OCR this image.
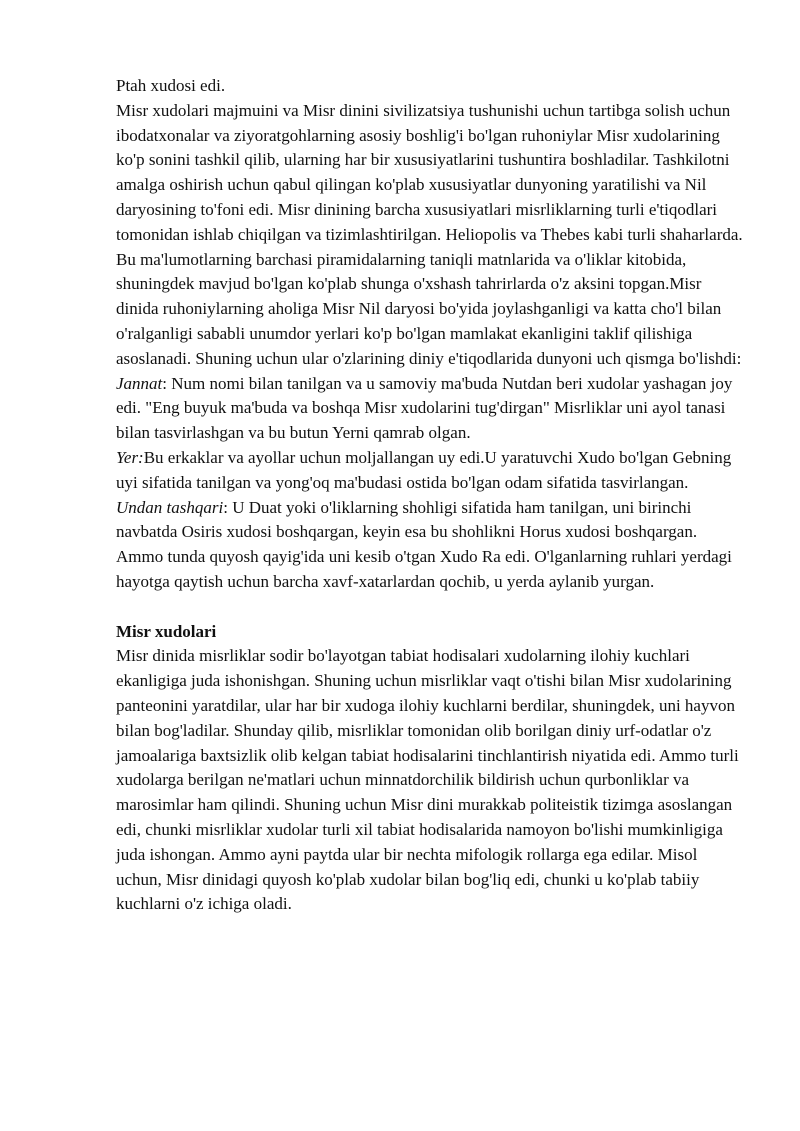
Ptah xudosi edi.

Misr xudolari majmuini va Misr dinini sivilizatsiya tushunishi uchun tartibga solish uchun ibodatxonalar va ziyoratgohlarning asosiy boshlig'i bo'lgan ruhoniylar Misr xudolarining ko'p sonini tashkil qilib, ularning har bir xususiyatlarini tushuntira boshladilar. Tashkilotni amalga oshirish uchun qabul qilingan ko'plab xususiyatlar dunyoning yaratilishi va Nil daryosining to'foni edi. Misr dinining barcha xususiyatlari misrliklarning turli e'tiqodlari tomonidan ishlab chiqilgan va tizimlashtirilgan. Heliopolis va Thebes kabi turli shaharlarda. Bu ma'lumotlarning barchasi piramidalarning taniqli matnlarida va o'liklar kitobida, shuningdek mavjud bo'lgan ko'plab shunga o'xshash tahrirlarda o'z aksini topgan.Misr dinida ruhoniylarning aholiga Misr Nil daryosi bo'yida joylashganligi va katta cho'l bilan o'ralganligi sababli unumdor yerlari ko'p bo'lgan mamlakat ekanligini taklif qilishiga asoslanadi. Shuning uchun ular o'zlarining diniy e'tiqodlarida dunyoni uch qismga bo'lishdi:

Jannat: Num nomi bilan tanilgan va u samoviy ma'buda Nutdan beri xudolar yashagan joy edi. "Eng buyuk ma'buda va boshqa Misr xudolarini tug'dirgan" Misrliklar uni ayol tanasi bilan tasvirlashgan va bu butun Yerni qamrab olgan.

Yer:Bu erkaklar va ayollar uchun moljallangan uy edi.U yaratuvchi Xudo bo'lgan Gebning uyi sifatida tanilgan va yong'oq ma'budasi ostida bo'lgan odam sifatida tasvirlangan.

Undan tashqari: U Duat yoki o'liklarning shohligi sifatida ham tanilgan, uni birinchi navbatda Osiris xudosi boshqargan, keyin esa bu shohlikni Horus xudosi boshqargan. Ammo tunda quyosh qayig'ida uni kesib o'tgan Xudo Ra edi. O'lganlarning ruhlari yerdagi hayotga qaytish uchun barcha xavf-xatarlardan qochib, u yerda aylanib yurgan.

Misr xudolari

Misr dinida misrliklar sodir bo'layotgan tabiat hodisalari xudolarning ilohiy kuchlari ekanligiga juda ishonishgan. Shuning uchun misrliklar vaqt o'tishi bilan Misr xudolarining panteonini yaratdilar, ular har bir xudoga ilohiy kuchlarni berdilar, shuningdek, uni hayvon bilan bog'ladilar. Shunday qilib, misrliklar tomonidan olib borilgan diniy urf-odatlar o'z jamoalariga baxtsizlik olib kelgan tabiat hodisalarini tinchlantirish niyatida edi. Ammo turli xudolarga berilgan ne'matlari uchun minnatdorchilik bildirish uchun qurbonliklar va marosimlar ham qilindi. Shuning uchun Misr dini murakkab politeistik tizimga asoslangan edi, chunki misrliklar xudolar turli xil tabiat hodisalarida namoyon bo'lishi mumkinligiga juda ishongan. Ammo ayni paytda ular bir nechta mifologik rollarga ega edilar. Misol uchun, Misr dinidagi quyosh ko'plab xudolar bilan bog'liq edi, chunki u ko'plab tabiiy kuchlarni o'z ichiga oladi.
